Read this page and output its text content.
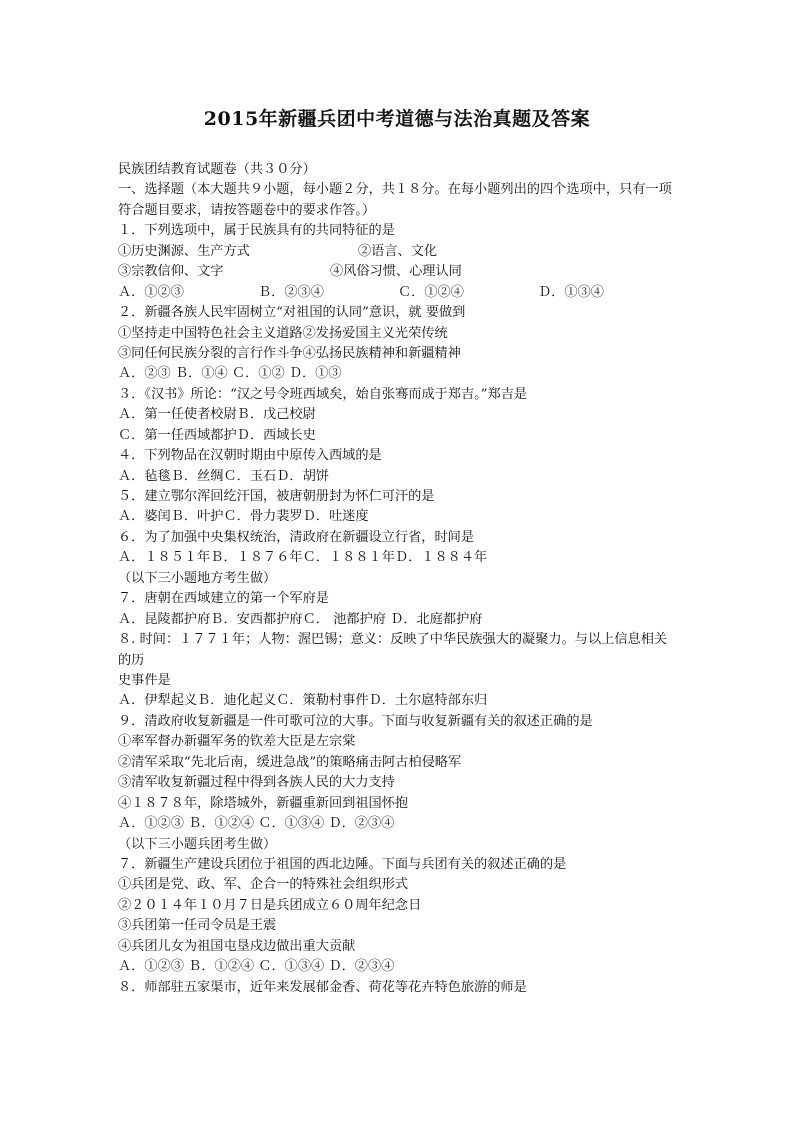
2015年新疆兵团中考道德与法治真题及答案
民族团结教育试题卷（共３０分）
一、选择题（本大题共９小题，每小题２分，共１８分。在每小题列出的四个选项中，只有一项符合题目要求，请按答题卷中的要求作答。）
１．下列选项中，属于民族具有的共同特征的是
①历史渊源、生产方式	②语言、文化
③宗教信仰、文字	④风俗习惯、心理认同
Ａ．①②③	Ｂ．②③④	Ｃ．①②④	Ｄ．①③④
２．新疆各族人民牢固树立“对祖国的认同”意识，就 要做到
①坚持走中国特色社会主义道路②发扬爱国主义光荣传统
③同任何民族分裂的言行作斗争④弘扬民族精神和新疆精神
Ａ．②③ Ｂ．①④ Ｃ．①② Ｄ．①③
３．《汉书》所论：“汉之号令班西域矣，始自张骞而成于郑吉。”郑吉是
Ａ．第一任使者校尉Ｂ．戊己校尉
Ｃ．第一任西域都护Ｄ．西域长史
４．下列物品在汉朝时期由中原传入西域的是
Ａ．毡毯Ｂ．丝绸Ｃ．玉石Ｄ．胡饼
５．建立鄂尔浑回纥汗国，被唐朝册封为怀仁可汗的是
Ａ．婆闰Ｂ．叶护Ｃ．骨力裴罗Ｄ．吐迷度
６．为了加强中央集权统治，清政府在新疆设立行省，时间是
Ａ．１８５１年Ｂ．１８７６年Ｃ．１８８１年Ｄ．１８８４年
（以下三小题地方考生做）
７．唐朝在西域建立的第一个军府是
Ａ．昆陵都护府Ｂ．安西都护府Ｃ． 池都护府 Ｄ．北庭都护府
８. 时间：１７７１年；人物：渥巴锡；意义：反映了中华民族强大的凝聚力。与以上信息相关的历
史事件是
Ａ．伊犁起义Ｂ．迪化起义Ｃ．策勒村事件Ｄ．土尔扈特部东归
９．清政府收复新疆是一件可歌可泣的大事。下面与收复新疆有关的叙述正确的是
①率军督办新疆军务的钦差大臣是左宗棠
②清军采取“先北后南，缓进急战”的策略痛击阿古柏侵略军
③清军收复新疆过程中得到各族人民的大力支持
④１８７８年，除塔城外，新疆重新回到祖国怀抱
Ａ．①②③ Ｂ．①②④ Ｃ．①③④ Ｄ．②③④
（以下三小题兵团考生做）
７．新疆生产建设兵团位于祖国的西北边陲。下面与兵团有关的叙述正确的是
①兵团是党、政、军、企合一的特殊社会组织形式
②２０１４年１０月７日是兵团成立６０周年纪念日
③兵团第一任司令员是王震
④兵团儿女为祖国屯垦戍边做出重大贡献
Ａ．①②③ Ｂ．①②④ Ｃ．①③④ Ｄ．②③④
８．师部驻五家渠市，近年来发展郁金香、荷花等花卉特色旅游的师是
